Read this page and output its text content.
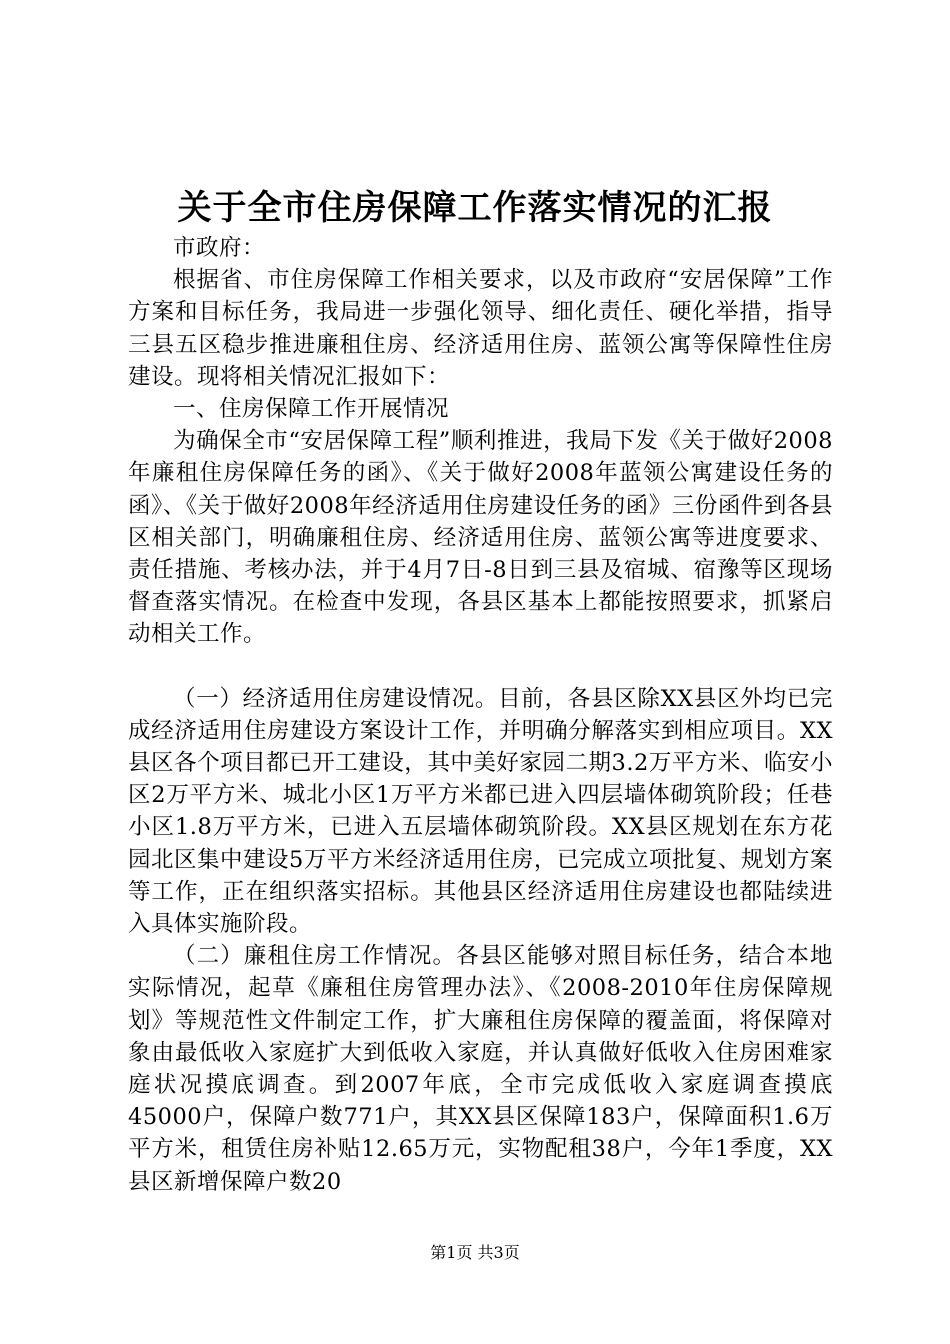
关于全市住房保障工作落实情况的汇报

市政府：

根据省、市住房保障工作相关要求，以及市政府“安居保障”工作方案和目标任务，我局进一步强化领导、细化责任、硬化举措，指导三县五区稳步推进廉租住房、经济适用住房、蓝领公寓等保障性住房建设。现将相关情况汇报如下：

一、住房保障工作开展情况

为确保全市“安居保障工程”顺利推进，我局下发《关于做好2008年廉租住房保障任务的函》、《关于做好2008年蓝领公寓建设任务的函》、《关于做好2008年经济适用住房建设任务的函》三份函件到各县区相关部门，明确廉租住房、经济适用住房、蓝领公寓等进度要求、责任措施、考核办法，并于4月7日-8日到三县及宿城、宿豫等区现场督查落实情况。在检查中发现，各县区基本上都能按照要求，抓紧启动相关工作。

（一）经济适用住房建设情况。目前，各县区除XX县区外均已完成经济适用住房建设方案设计工作，并明确分解落实到相应项目。XX县区各个项目都已开工建设，其中美好家园二期3.2万平方米、临安小区2万平方米、城北小区1万平方米都已进入四层墙体砌筑阶段；任巷小区1.8万平方米，已进入五层墙体砌筑阶段。XX县区规划在东方花园北区集中建设5万平方米经济适用住房，已完成立项批复、规划方案等工作，正在组织落实招标。其他县区经济适用住房建设也都陆续进入具体实施阶段。

（二）廉租住房工作情况。各县区能够对照目标任务，结合本地实际情况，起草《廉租住房管理办法》、《2008-2010年住房保障规划》等规范性文件制定工作，扩大廉租住房保障的覆盖面，将保障对象由最低收入家庭扩大到低收入家庭，并认真做好低收入住房困难家庭状况摸底调查。到2007年底，全市完成低收入家庭调查摸底45000户，保障户数771户，其XX县区保障183户，保障面积1.6万平方米，租赁住房补贴12.65万元，实物配租38户，今年1季度，XX县区新增保障户数20

第1页 共3页
